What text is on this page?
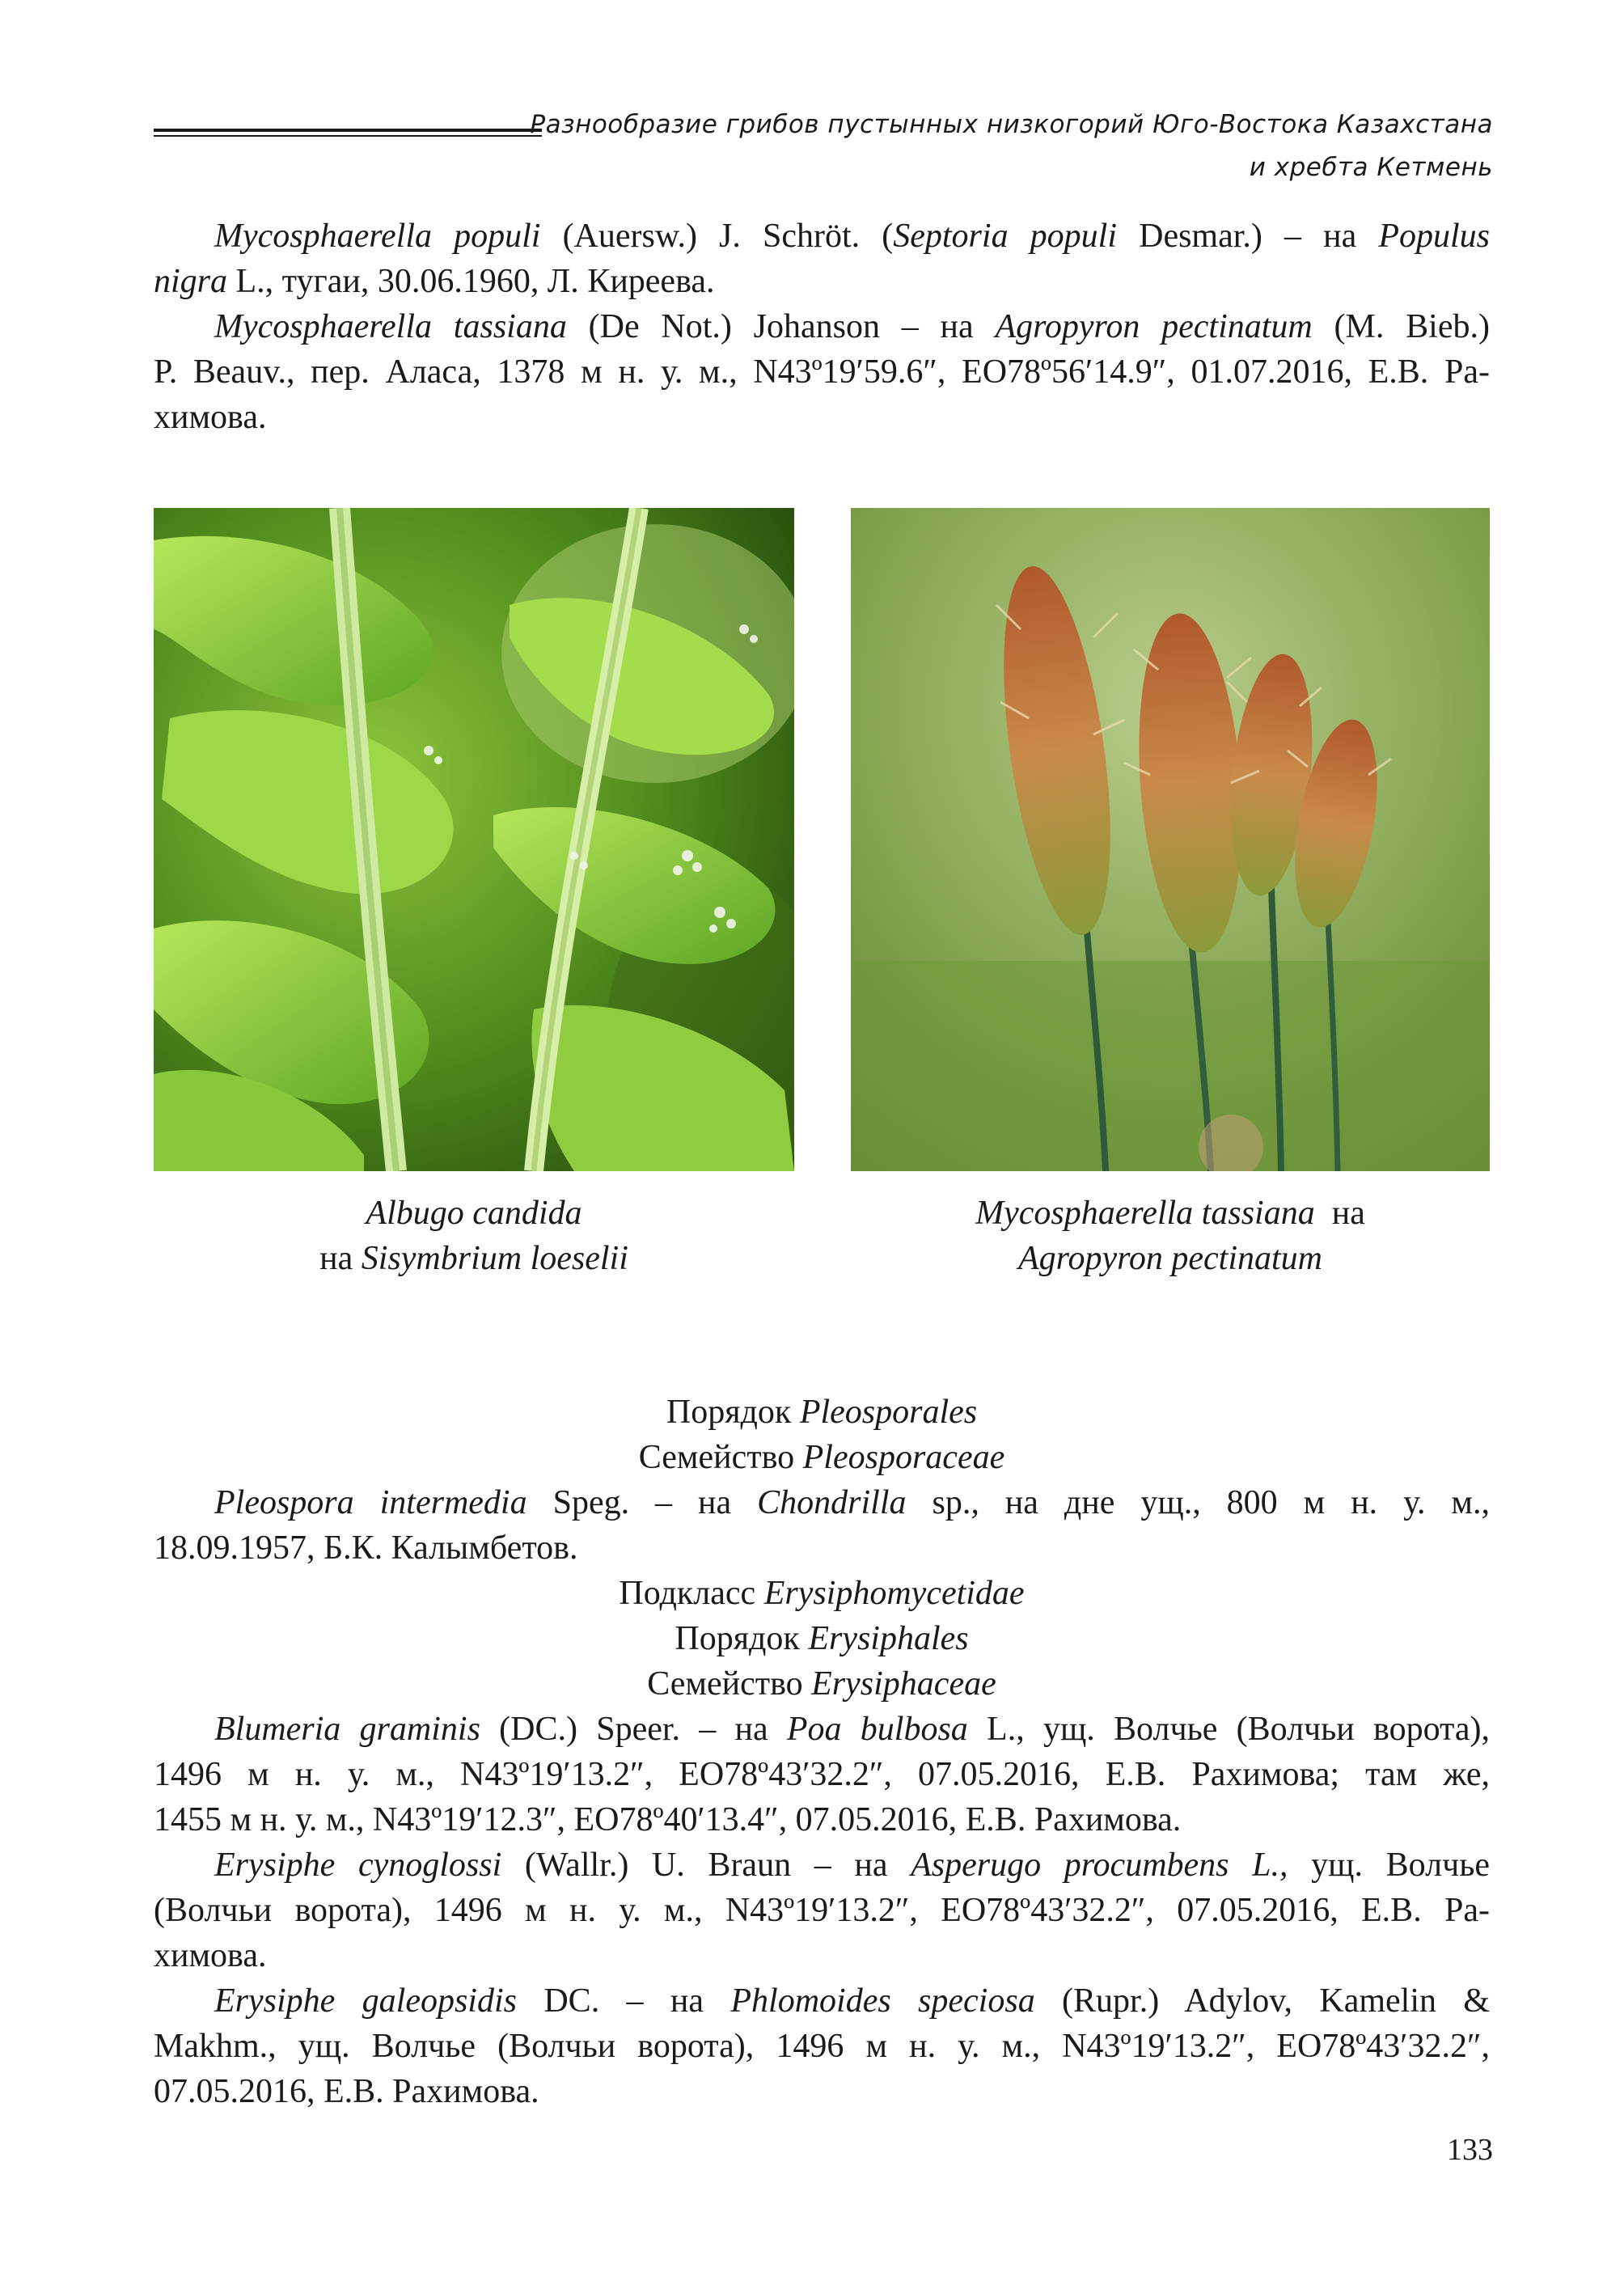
Разнообразие грибов пустынных низкогорий Юго-Востока Казахстана
и хребта Кетмень
Mycosphaerella populi (Auersw.) J. Schröt. (Septoria populi Desmar.) – на Populus
nigra L., тугаи, 30.06.1960, Л. Киреева.
Mycosphaerella tassiana (De Not.) Johanson – на Agropyron pectinatum (M. Bieb.)
P. Beauv., пер. Аласа, 1378 м н. у. м., N43º19′59.6″, EO78º56′14.9″, 01.07.2016, Е.В. Ра-
химова.
Albugo candida
на Sisymbrium loeselii
Mycosphaerella tassiana  на
Agropyron pectinatum
Порядок Pleosporales
Семейство Pleosporaceae
Pleospora intermedia Speg. – на Chondrilla sp., на дне ущ., 800 м н. у. м.,
18.09.1957, Б.К. Калымбетов.
Подкласс Erysiphomycetidae
Порядок Erysiphales
Семейство Erysiphaceae
Blumeria graminis (DC.) Speer. – на Poa bulbosa L., ущ. Волчье (Волчьи ворота),
1496 м н. у. м., N43º19′13.2″, EO78º43′32.2″, 07.05.2016, Е.В. Рахимова; там же,
1455 м н. у. м., N43º19′12.3″, EO78º40′13.4″, 07.05.2016, Е.В. Рахимова.
Erysiphe cynoglossi (Wallr.) U. Braun – на Asperugo procumbens L., ущ. Волчье
(Волчьи ворота), 1496 м н. у. м., N43º19′13.2″, EO78º43′32.2″, 07.05.2016, Е.В. Ра-
химова.
Erysiphe galeopsidis DC. – на Phlomoides speciosa (Rupr.) Adylov, Kamelin &
Makhm., ущ. Волчье (Волчьи ворота), 1496 м н. у. м., N43º19′13.2″, EO78º43′32.2″,
07.05.2016, Е.В. Рахимова.
133
